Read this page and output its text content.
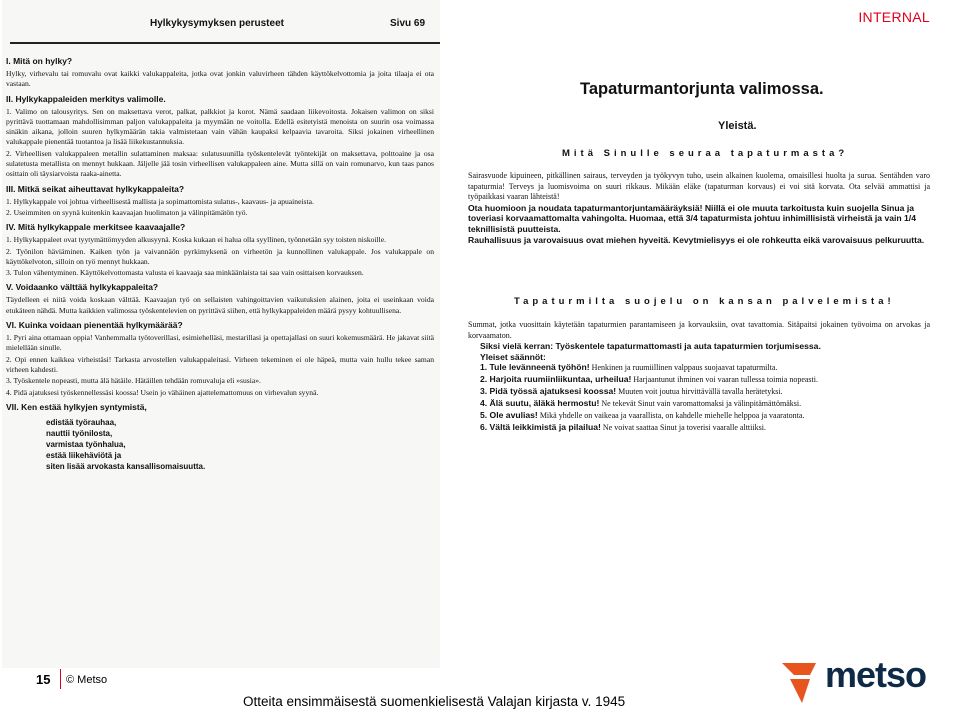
INTERNAL
Hylkykysymyksen perusteet	Sivu 69
I. Mitä on hylky?

Hylky, virhevalu tai romuvalu ovat kaikki valukappaleita, jotka ovat jonkin valuvirheen tähden käyttökelvottomia ja joita tilaaja ei ota vastaan.

II. Hylkykappaleiden merkitys valimolle.

1. Valimo on talousyritys. Sen on maksettava verot, palkat, palkkiot ja korot. Nämä saadaan liikevoitosta. Jokaisen valimon on siksi pyrittävä tuottamaan mahdollisimman paljon valukappaleita ja myymään ne voitolla. Edellä esitetyistä menoista on suurin osa voimassa sinäkin aikana, jolloin suuren hylkymäärän takia valmistetaan vain vähän kaupaksi kelpaavia tavaroita. Siksi jokainen virheellinen valukappale pienentää tuotantoa ja lisää liikekustannuksia.

2. Virheellisen valukappaleen metallin sulattaminen maksaa: sulatusuunilla työskentelevät työntekijät on maksettava, polttoaine ja osa sulatetusta metallista on mennyt hukkaan. Jäljelle jää tosin virheellisen valukappaleen aine. Mutta sillä on vain romunarvo, kun taas panos osittain oli täysiarvoista raaka-ainetta.

III. Mitkä seikat aiheuttavat hylkykappaleita?

1. Hylkykappale voi johtua virheellisestä mallista ja sopimattomista sulatus-, kaavaus- ja apuaineista.

2. Useimmiten on syynä kuitenkin kaavaajan huolimaton ja välinpitämätön työ.

IV. Mitä hylkykappale merkitsee kaavaajalle?

1. Hylkykappaleet ovat tyytymättömyyden alkusyynä. Koska kukaan ei halua olla syyllinen, työnnetään syy toisten niskoille.

2. Työnilon häviäminen. Kaiken työn ja vaivannäön pyrkimyksenä on virheetön ja kunnollinen valukappale. Jos valukappale on käyttökelvoton, silloin on työ mennyt hukkaan.

3. Tulon vähentyminen. Käyttökelvottomasta valusta ei kaavaaja saa minkäänlaista tai saa vain osittaisen korvauksen.

V. Voidaanko välttää hylkykappaleita?

Täydelleen ei niitä voida koskaan välttää. Kaavaajan työ on sellaisten vahingoittavien vaikutuksien alainen, joita ei useinkaan voida etukäteen nähdä. Mutta kaikkien valimossa työskentelevien on pyrittävä siihen, että hylkykappaleiden määrä pysyy kohtuullisena.

VI. Kuinka voidaan pienentää hylkymäärää?

1. Pyri aina ottamaan oppia! Vanhemmalla työtoverillasi, esimiehelläsi, mestarillasi ja opettajallasi on suuri kokemusmäärä. He jakavat siitä mielellään sinulle.

2. Opi ennen kaikkea virheistäsi! Tarkasta arvostellen valukappaleitasi. Virheen tekeminen ei ole häpeä, mutta vain hullu tekee saman virheen kahdesti.

3. Työskentele nopeasti, mutta älä hätäile. Hätäillen tehdään romuvaluja eli »susia».

4. Pidä ajatuksesi työskennellessäsi koossa! Usein jo vähäinen ajattelemattomuus on virhevalun syynä.

VII. Ken estää hylkyjen syntymistä,
edistää työrauhaa,
nauttii työnilosta,
varmistaa työnhalua,
estää liikehäviötä ja
siten lisää arvokasta kansallisomaisuutta.
Tapaturmantorjunta valimossa.
Yleistä.
Mitä Sinulle seuraa tapaturmasta?

Sairasvuode kipuineen, pitkällinen sairaus, terveyden ja työkyvyn tuho, usein alkainen kuolema, omaisillesi huolta ja surua. Sentähden varo tapaturmia! Terveys ja luomisvoima on suuri rikkaus. Mikään eläke (tapaturman korvaus) ei voi sitä korvata. Ota selvää ammattisi ja työpaikkasi vaaran lähteistä!

Ota huomioon ja noudata tapaturmantorjuntamääräyksiä! Niillä ei ole muuta tarkoitusta kuin suojella Sinua ja toveriasi korvaamattomalta vahingolta. Huomaa, että 3/4 tapaturmista johtuu inhimillisistä virheistä ja vain 1/4 teknillisistä puutteista.

Rauhallisuus ja varovaisuus ovat miehen hyveitä. Kevytmielisyys ei ole rohkeutta eikä varovaisuus pelkuruutta.

Tapaturmilta suojelu on kansan palvelemista!

Summat, jotka vuosittain käytetään tapaturmien parantamiseen ja korvauksiin, ovat tavattomia. Sitäpaitsi jokainen työvoima on arvokas ja korvaamaton.

Siksi vielä kerran: Työskentele tapaturmattomasti ja auta tapaturmien torjumisessa.

Yleiset säännöt:

1. Tule levänneenä työhön! Henkinen ja ruumiillinen valppaus suojaavat tapaturmilta.
2. Harjoita ruumiinliikuntaa, urheilua! Harjaantunut ihminen voi vaaran tullessa toimia nopeasti.
3. Pidä työssä ajatuksesi koossa! Muuten voit joutua hirvittävällä tavalla herätetyksi.
4. Älä suutu, äläkä hermostu! Ne tekevät Sinut vain varomattomaksi ja välinpitämättömäksi.
5. Ole avulias! Mikä yhdelle on vaikeaa ja vaarallista, on kahdelle miehelle helppoa ja vaaratonta.
6. Vältä leikkimistä ja pilailua! Ne voivat saattaa Sinut ja toverisi vaaralle alttiiksi.
15 © Metso
Otteita ensimmäisestä suomenkielisestä Valajan kirjasta v. 1945
metso
